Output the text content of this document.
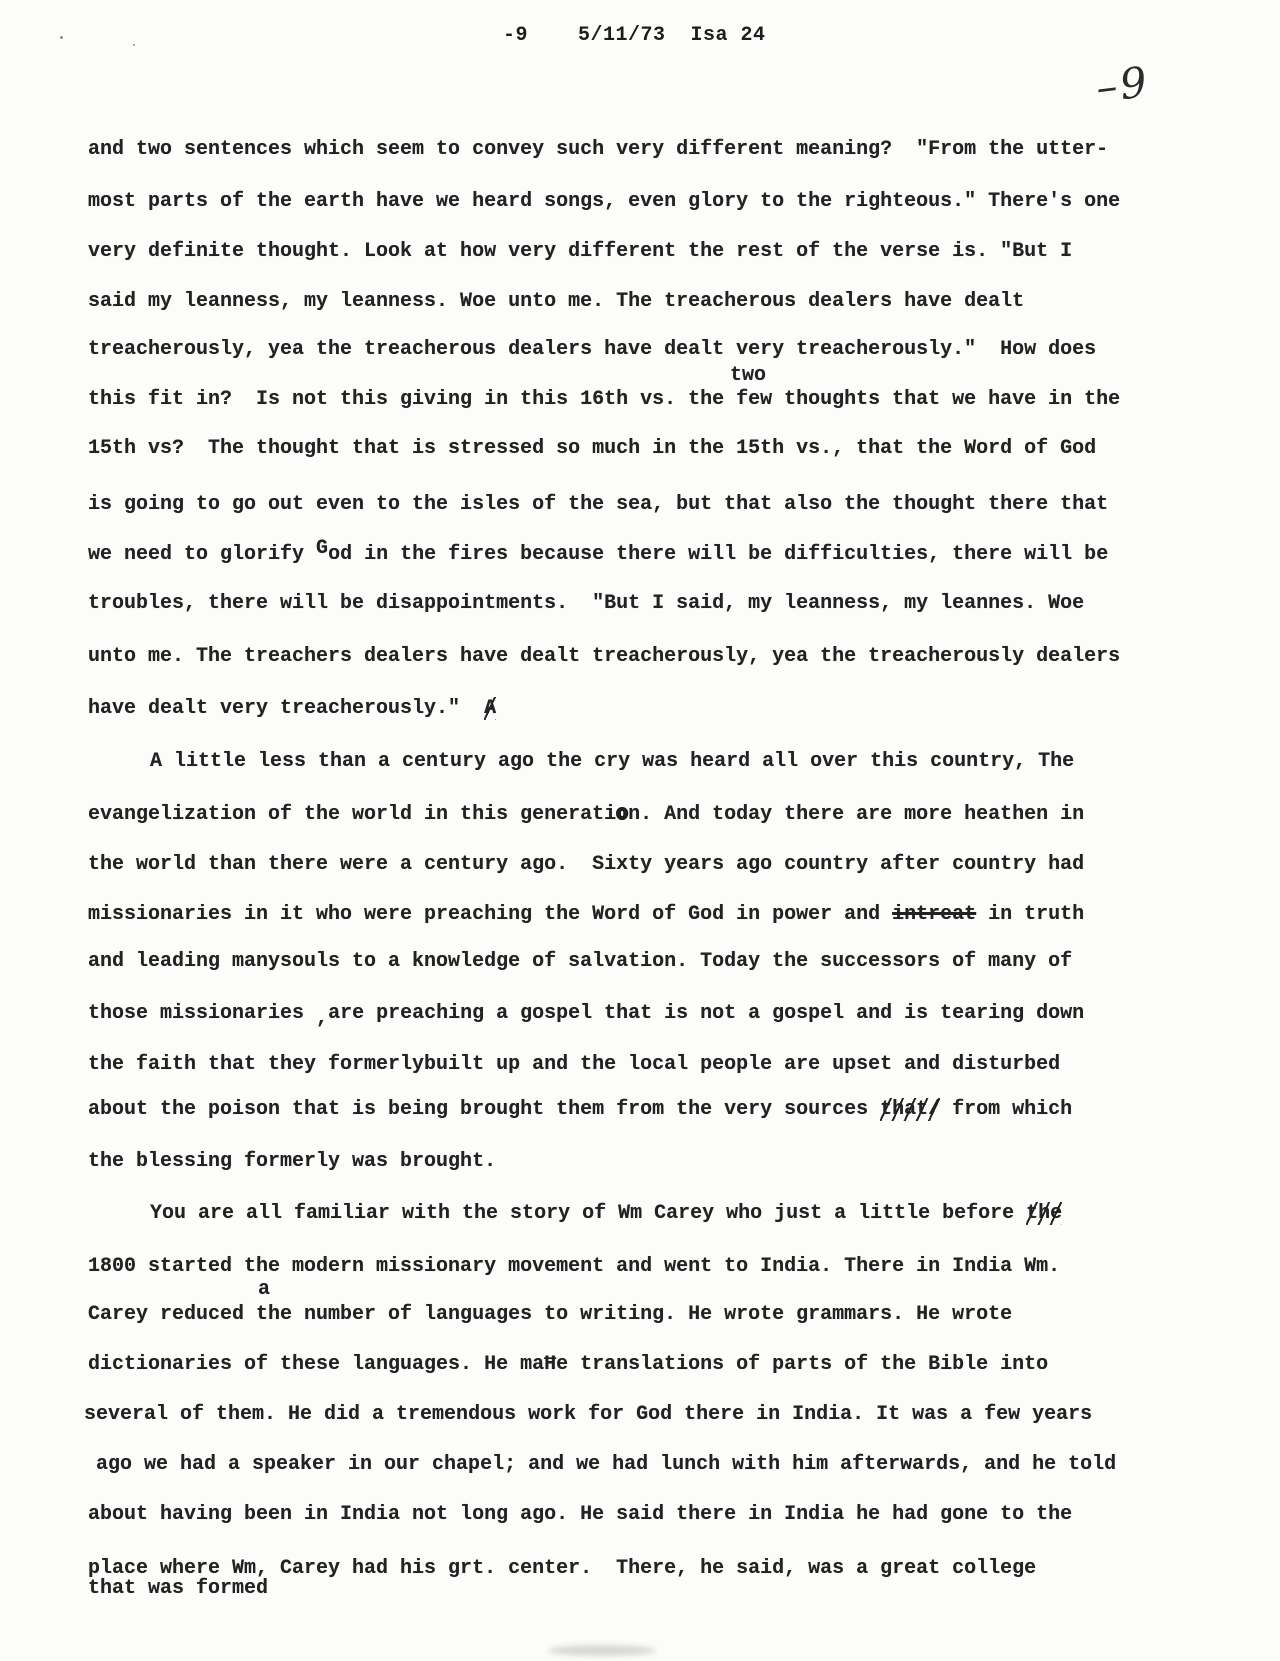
-9    5/11/73  Isa 24
–9
and two sentences which seem to convey such very different meaning?  "From the utter-
most parts of the earth have we heard songs, even glory to the righteous." There's one
very definite thought. Look at how very different the rest of the verse is. "But I
said my leanness, my leanness. Woe unto me. The treacherous dealers have dealt
treacherously, yea the treacherous dealers have dealt very treacherously."  How does
two
this fit in?  Is not this giving in this 16th vs. the few thoughts that we have in the
15th vs?  The thought that is stressed so much in the 15th vs., that the Word of God
is going to go out even to the isles of the sea, but that also the thought there that
we need to glorify God in the fires because there will be difficulties, there will be
troubles, there will be disappointments.  "But I said, my leanness, my leannes. Woe
unto me. The treachers dealers have dealt treacherously, yea the treacherously dealers
have dealt very treacherously."  A
A little less than a century ago the cry was heard all over this country, The
evangelization of the world in this generation. And today there are more heathen in
the world than there were a century ago.  Sixty years ago country after country had
missionaries in it who were preaching the Word of God in power and intreat in truth
and leading manysouls to a knowledge of salvation. Today the successors of many of
those missionaries ,are preaching a gospel that is not a gospel and is tearing down
the faith that they formerlybuilt up and the local people are upset and disturbed
about the poison that is being brought them from the very sources that/ from which
the blessing formerly was brought.
You are all familiar with the story of Wm Carey who just a little before the
1800 started the modern missionary movement and went to India. There in India Wm.
a
Carey reduced the number of languages to writing. He wrote grammars. He wrote
dictionaries of these languages. He maĦe translations of parts of the Bible into
several of them. He did a tremendous work for God there in India. It was a few years
ago we had a speaker in our chapel; and we had lunch with him afterwards, and he told
about having been in India not long ago. He said there in India he had gone to the
place where Wm, Carey had his grt. center.  There, he said, was a great college
that was formed
